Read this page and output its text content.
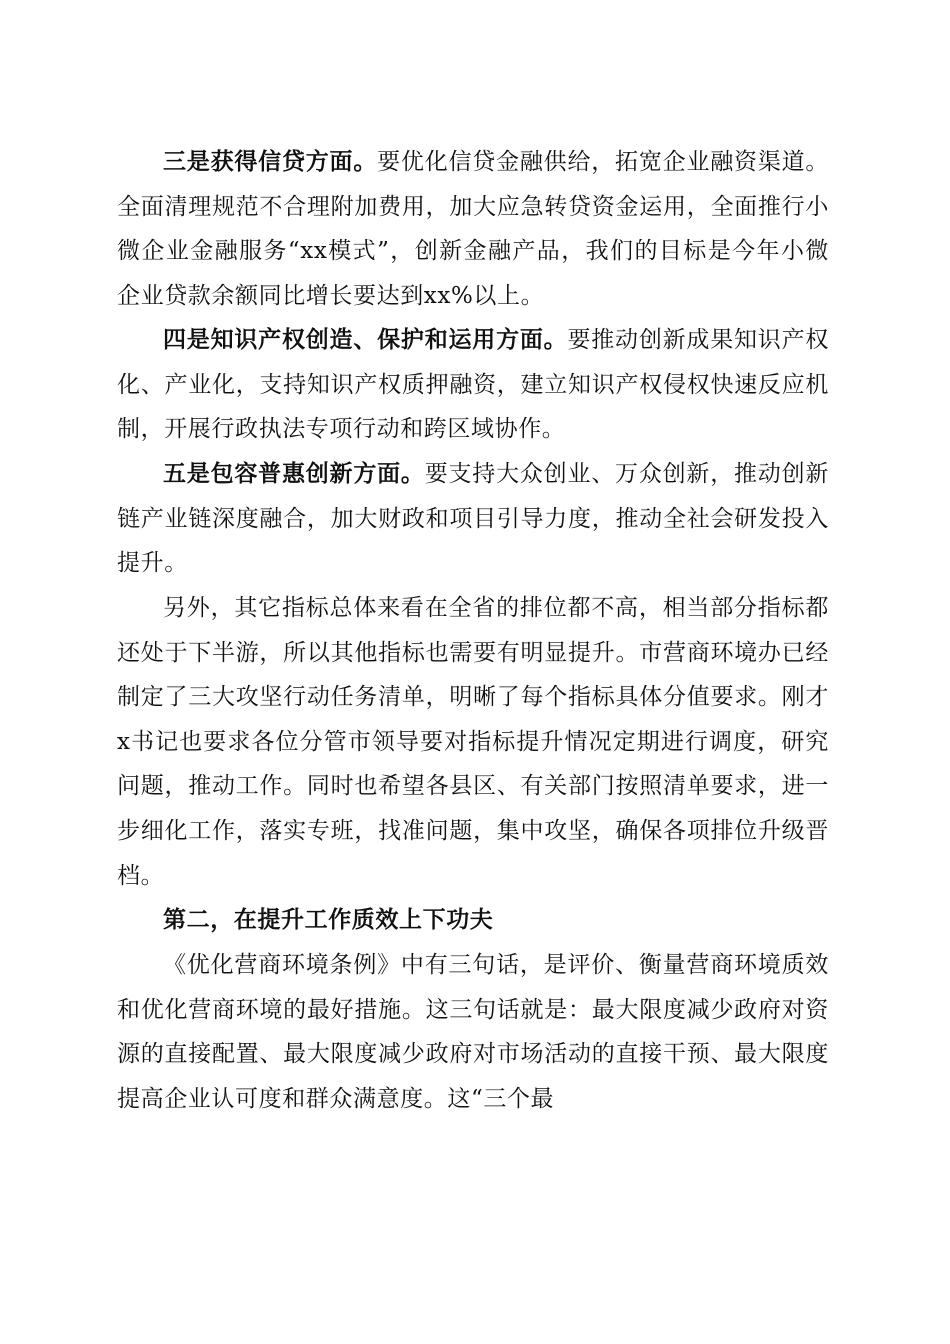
三是获得信贷方面。要优化信贷金融供给，拓宽企业融资渠道。全面清理规范不合理附加费用，加大应急转贷资金运用，全面推行小微企业金融服务“xx模式”，创新金融产品，我们的目标是今年小微企业贷款余额同比增长要达到xx%以上。

四是知识产权创造、保护和运用方面。要推动创新成果知识产权化、产业化，支持知识产权质押融资，建立知识产权侵权快速反应机制，开展行政执法专项行动和跨区域协作。

五是包容普惠创新方面。要支持大众创业、万众创新，推动创新链产业链深度融合，加大财政和项目引导力度，推动全社会研发投入提升。

另外，其它指标总体来看在全省的排位都不高，相当部分指标都还处于下半游，所以其他指标也需要有明显提升。市营商环境办已经制定了三大攻坚行动任务清单，明晰了每个指标具体分值要求。刚才x书记也要求各位分管市领导要对指标提升情况定期进行调度，研究问题，推动工作。同时也希望各县区、有关部门按照清单要求，进一步细化工作，落实专班，找准问题，集中攻坚，确保各项排位升级晋档。

第二，在提升工作质效上下功夫

《优化营商环境条例》中有三句话，是评价、衡量营商环境质效和优化营商环境的最好措施。这三句话就是：最大限度减少政府对资源的直接配置、最大限度减少政府对市场活动的直接干预、最大限度提高企业认可度和群众满意度。这“三个最
